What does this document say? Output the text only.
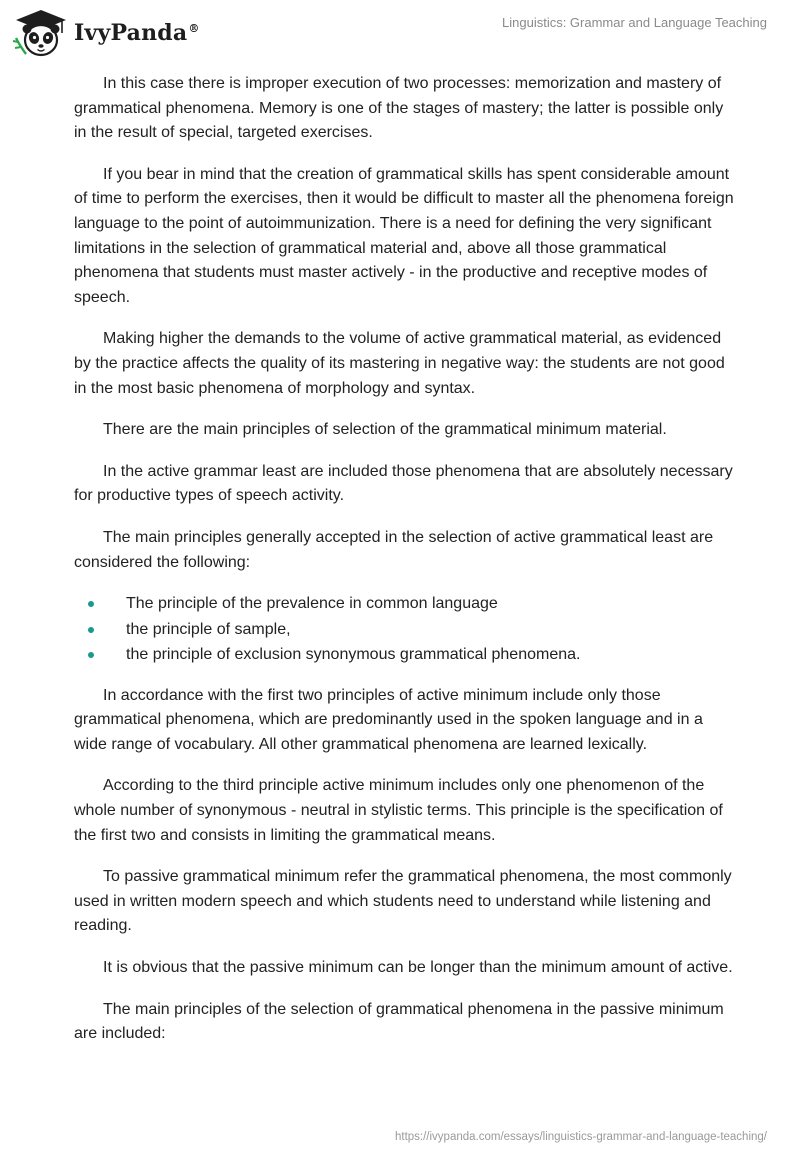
IvyPanda®	Linguistics: Grammar and Language Teaching

In this case there is improper execution of two processes: memorization and mastery of grammatical phenomena. Memory is one of the stages of mastery; the latter is possible only in the result of special, targeted exercises.

If you bear in mind that the creation of grammatical skills has spent considerable amount of time to perform the exercises, then it would be difficult to master all the phenomena foreign language to the point of autoimmunization. There is a need for defining the very significant limitations in the selection of grammatical material and, above all those grammatical phenomena that students must master actively - in the productive and receptive modes of speech.

Making higher the demands to the volume of active grammatical material, as evidenced by the practice affects the quality of its mastering in negative way: the students are not good in the most basic phenomena of morphology and syntax.

There are the main principles of selection of the grammatical minimum material.

In the active grammar least are included those phenomena that are absolutely necessary for productive types of speech activity.

The main principles generally accepted in the selection of active grammatical least are considered the following:

The principle of the prevalence in common language
the principle of sample,
the principle of exclusion synonymous grammatical phenomena.

In accordance with the first two principles of active minimum include only those grammatical phenomena, which are predominantly used in the spoken language and in a wide range of vocabulary. All other grammatical phenomena are learned lexically.

According to the third principle active minimum includes only one phenomenon of the whole number of synonymous - neutral in stylistic terms. This principle is the specification of the first two and consists in limiting the grammatical means.

To passive grammatical minimum refer the grammatical phenomena, the most commonly used in written modern speech and which students need to understand while listening and reading.

It is obvious that the passive minimum can be longer than the minimum amount of active.

The main principles of the selection of grammatical phenomena in the passive minimum are included:

https://ivypanda.com/essays/linguistics-grammar-and-language-teaching/
